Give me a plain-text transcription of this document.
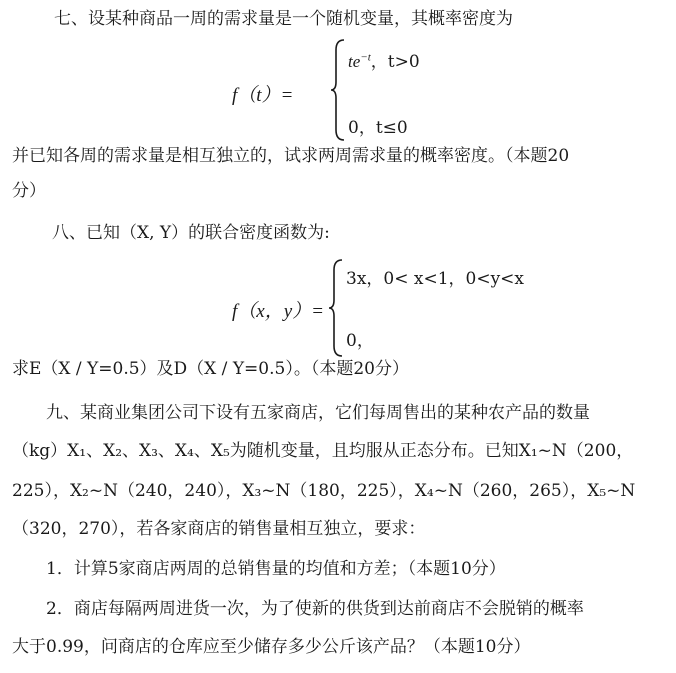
七、设某种商品一周的需求量是一个随机变量，其概率密度为
f（t）=
$te^{-t}$，t>0
0，t≤0
并已知各周的需求量是相互独立的，试求两周需求量的概率密度。（本题20
分）
八、已知（X, Y）的联合密度函数为:
f（x，y）=
3x，0< x<1，0<y<x
0，
求E（X / Y=0.5）及D（X / Y=0.5）。（本题20分）
九、某商业集团公司下设有五家商店，它们每周售出的某种农产品的数量
（kg）X₁、X₂、X₃、X₄、X₅为随机变量，且均服从正态分布。已知X₁~N（200，
225），X₂~N（240，240），X₃~N（180，225），X₄~N（260，265），X₅~N
（320，270），若各家商店的销售量相互独立，要求：
1．计算5家商店两周的总销售量的均值和方差；（本题10分）
2．商店每隔两周进货一次，为了使新的供货到达前商店不会脱销的概率
大于0.99，问商店的仓库应至少储存多少公斤该产品？（本题10分）
